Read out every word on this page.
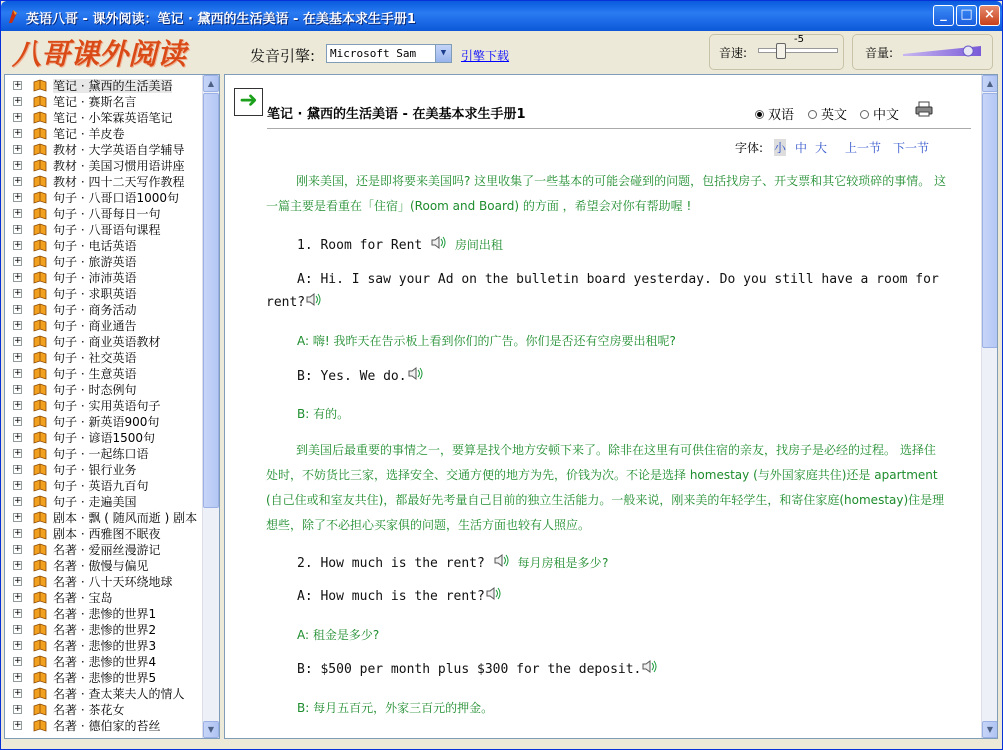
英语八哥 - 课外阅读：笔记 · 黛西的生活美语 - 在美基本求生手册1	_	□ ×
八哥课外阅读	发音引擎:	Microsoft Sam	▼	引擎下载	音速:
-5
音量:
+	笔记 · 黛西的生活美语
+	笔记 · 赛斯名言
+	笔记 · 小笨霖英语笔记
+	笔记 · 羊皮卷
+	教材 · 大学英语自学辅导
+	教材 · 美国习惯用语讲座
+	教材 · 四十二天写作教程
+	句子 · 八哥口语1000句
+	句子 · 八哥每日一句
+	句子 · 八哥语句课程
+	句子 · 电话英语
+	句子 · 旅游英语
+	句子 · 沛沛英语
+	句子 · 求职英语
+	句子 · 商务活动
+	句子 · 商业通告
+	句子 · 商业英语教材
+	句子 · 社交英语
+	句子 · 生意英语
+	句子 · 时态例句
+	句子 · 实用英语句子
+	句子 · 新英语900句
+	句子 · 谚语1500句
+	句子 · 一起练口语
+	句子 · 银行业务
+	句子 · 英语九百句
+	句子 · 走遍美国
+	剧本 · 飘 ( 随风而逝 ) 剧本
+	剧本 · 西雅图不眠夜
+	名著 · 爱丽丝漫游记
+	名著 · 傲慢与偏见
+	名著 · 八十天环绕地球
+	名著 · 宝岛
+	名著 · 悲惨的世界1
+	名著 · 悲惨的世界2
+	名著 · 悲惨的世界3
+	名著 · 悲惨的世界4
+	名著 · 悲惨的世界5
+	名著 · 查太莱夫人的情人
+	名著 · 茶花女
+	名著 · 德伯家的苔丝
▲
▼
➜
笔记 · 黛西的生活美语 - 在美基本求生手册1	双语	英文	中文
字体: 小 中 大 上一节 下一节
刚来美国，还是即将要来美国吗? 这里收集了一些基本的可能会碰到的问题，包括找房子、开支票和其它较琐碎的事情。 这一篇主要是看重在「住宿」(Room and Board) 的方面 ，希望会对你有帮助喔 !
1. Room for Rent	房间出租
A: Hi. I saw your Ad on the bulletin board yesterday. Do you still have a room for rent?
A: 嗨! 我昨天在告示板上看到你们的广告。你们是否还有空房要出租呢?
B: Yes. We do.
B: 有的。
到美国后最重要的事情之一，要算是找个地方安顿下来了。除非在这里有可供住宿的亲友，找房子是必经的过程。 选择住处时，不妨货比三家，选择安全、交通方便的地方为先，价钱为次。不论是选择 homestay (与外国家庭共住)还是 apartment (自己住或和室友共住)，都最好先考量自己目前的独立生活能力。一般来说，刚来美的年轻学生，和寄住家庭(homestay)住是理想些，除了不必担心买家俱的问题，生活方面也较有人照应。
2. How much is the rent?	每月房租是多少?
A: How much is the rent?
A: 租金是多少?
B: $500 per month plus $300 for the deposit.
B: 每月五百元，外家三百元的押金。
▲
▼
